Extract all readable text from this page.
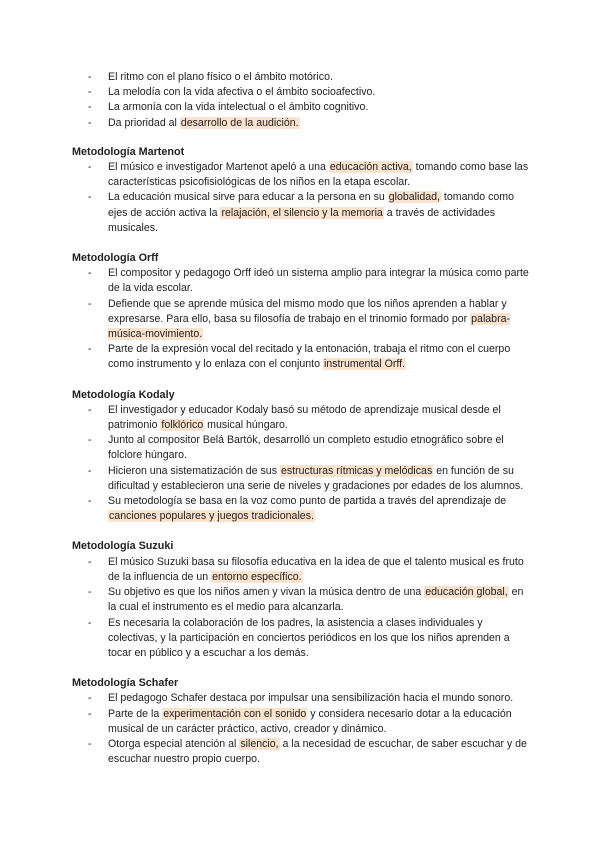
- El ritmo con el plano físico o el ámbito motórico.
- La melodía con la vida afectiva o el ámbito socioafectivo.
- La armonía con la vida intelectual o el ámbito cognitivo.
- Da prioridad al desarrollo de la audición.
Metodología Martenot
- El músico e investigador Martenot apeló a una educación activa, tomando como base las características psicofisiológicas de los niños en la etapa escolar.
- La educación musical sirve para educar a la persona en su globalidad, tomando como ejes de acción activa la relajación, el silencio y la memoria a través de actividades musicales.
Metodología Orff
- El compositor y pedagogo Orff ideó un sistema amplio para integrar la música como parte de la vida escolar.
- Defiende que se aprende música del mismo modo que los niños aprenden a hablar y expresarse. Para ello, basa su filosofía de trabajo en el trinomio formado por palabra-música-movimiento.
- Parte de la expresión vocal del recitado y la entonación, trabaja el ritmo con el cuerpo como instrumento y lo enlaza con el conjunto instrumental Orff.
Metodología Kodaly
- El investigador y educador Kodaly basó su método de aprendizaje musical desde el patrimonio folklórico musical húngaro.
- Junto al compositor Belá Bartók, desarrolló un completo estudio etnográfico sobre el folclore húngaro.
- Hicieron una sistematización de sus estructuras rítmicas y melódicas en función de su dificultad y establecieron una serie de niveles y gradaciones por edades de los alumnos.
- Su metodología se basa en la voz como punto de partida a través del aprendizaje de canciones populares y juegos tradicionales.
Metodología Suzuki
- El músico Suzuki basa su filosofía educativa en la idea de que el talento musical es fruto de la influencia de un entorno específico.
- Su objetivo es que los niños amen y vivan la música dentro de una educación global, en la cual el instrumento es el medio para alcanzarla.
- Es necesaria la colaboración de los padres, la asistencia a clases individuales y colectivas, y la participación en conciertos periódicos en los que los niños aprenden a tocar en público y a escuchar a los demás.
Metodología Schafer
- El pedagogo Schafer destaca por impulsar una sensibilización hacia el mundo sonoro.
- Parte de la experimentación con el sonido y considera necesario dotar a la educación musical de un carácter práctico, activo, creador y dinámico.
- Otorga especial atención al silencio, a la necesidad de escuchar, de saber escuchar y de escuchar nuestro propio cuerpo.
